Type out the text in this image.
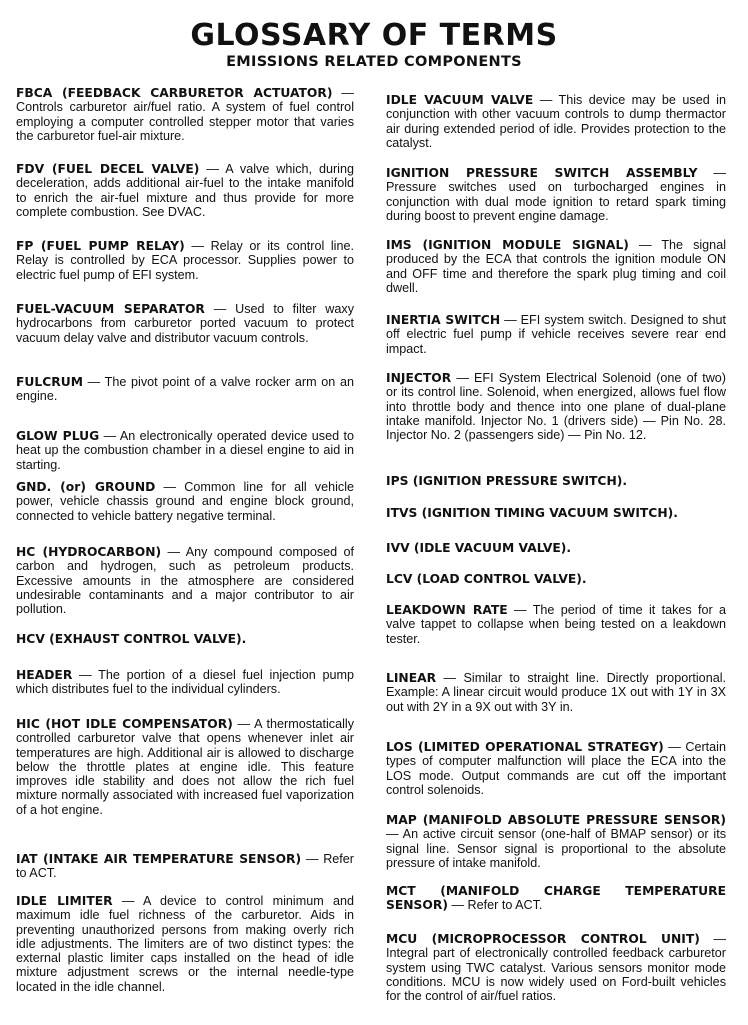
GLOSSARY OF TERMS
EMISSIONS RELATED COMPONENTS

FBCA (FEEDBACK CARBURETOR ACTUATOR) — Controls carburetor air/fuel ratio. A system of fuel control employing a computer controlled stepper motor that varies the carburetor fuel-air mixture.

FDV (FUEL DECEL VALVE) — A valve which, during deceleration, adds additional air-fuel to the intake manifold to enrich the air-fuel mixture and thus provide for more complete combustion. See DVAC.

FP (FUEL PUMP RELAY) — Relay or its control line. Relay is controlled by ECA processor. Supplies power to electric fuel pump of EFI system.

FUEL-VACUUM SEPARATOR — Used to filter waxy hydrocarbons from carburetor ported vacuum to protect vacuum delay valve and distributor vacuum controls.

FULCRUM — The pivot point of a valve rocker arm on an engine.

GLOW PLUG — An electronically operated device used to heat up the combustion chamber in a diesel engine to aid in starting.

GND. (or) GROUND — Common line for all vehicle power, vehicle chassis ground and engine block ground, connected to vehicle battery negative terminal.

HC (HYDROCARBON) — Any compound composed of carbon and hydrogen, such as petroleum products. Excessive amounts in the atmosphere are considered undesirable contaminants and a major contributor to air pollution.

HCV (EXHAUST CONTROL VALVE).

HEADER — The portion of a diesel fuel injection pump which distributes fuel to the individual cylinders.

HIC (HOT IDLE COMPENSATOR) — A thermostatically controlled carburetor valve that opens whenever inlet air temperatures are high. Additional air is allowed to discharge below the throttle plates at engine idle. This feature improves idle stability and does not allow the rich fuel mixture normally associated with increased fuel vaporization of a hot engine.

IAT (INTAKE AIR TEMPERATURE SENSOR) — Refer to ACT.

IDLE LIMITER — A device to control minimum and maximum idle fuel richness of the carburetor. Aids in preventing unauthorized persons from making overly rich idle adjustments. The limiters are of two distinct types: the external plastic limiter caps installed on the head of idle mixture adjustment screws or the internal needle-type located in the idle channel.

IDLE VACUUM VALVE — This device may be used in conjunction with other vacuum controls to dump thermactor air during extended period of idle. Provides protection to the catalyst.

IGNITION PRESSURE SWITCH ASSEMBLY — Pressure switches used on turbocharged engines in conjunction with dual mode ignition to retard spark timing during boost to prevent engine damage.

IMS (IGNITION MODULE SIGNAL) — The signal produced by the ECA that controls the ignition module ON and OFF time and therefore the spark plug timing and coil dwell.

INERTIA SWITCH — EFI system switch. Designed to shut off electric fuel pump if vehicle receives severe rear end impact.

INJECTOR — EFI System Electrical Solenoid (one of two) or its control line. Solenoid, when energized, allows fuel flow into throttle body and thence into one plane of dual-plane intake manifold. Injector No. 1 (drivers side) — Pin No. 28. Injector No. 2 (passengers side) — Pin No. 12.

IPS (IGNITION PRESSURE SWITCH).

ITVS (IGNITION TIMING VACUUM SWITCH).

IVV (IDLE VACUUM VALVE).

LCV (LOAD CONTROL VALVE).

LEAKDOWN RATE — The period of time it takes for a valve tappet to collapse when being tested on a leakdown tester.

LINEAR — Similar to straight line. Directly proportional. Example: A linear circuit would produce 1X out with 1Y in 3X out with 2Y in a 9X out with 3Y in.

LOS (LIMITED OPERATIONAL STRATEGY) — Certain types of computer malfunction will place the ECA into the LOS mode. Output commands are cut off the important control solenoids.

MAP (MANIFOLD ABSOLUTE PRESSURE SENSOR) — An active circuit sensor (one-half of BMAP sensor) or its signal line. Sensor signal is proportional to the absolute pressure of intake manifold.

MCT (MANIFOLD CHARGE TEMPERATURE SENSOR) — Refer to ACT.

MCU (MICROPROCESSOR CONTROL UNIT) — Integral part of electronically controlled feedback carburetor system using TWC catalyst. Various sensors monitor mode conditions. MCU is now widely used on Ford-built vehicles for the control of air/fuel ratios.
